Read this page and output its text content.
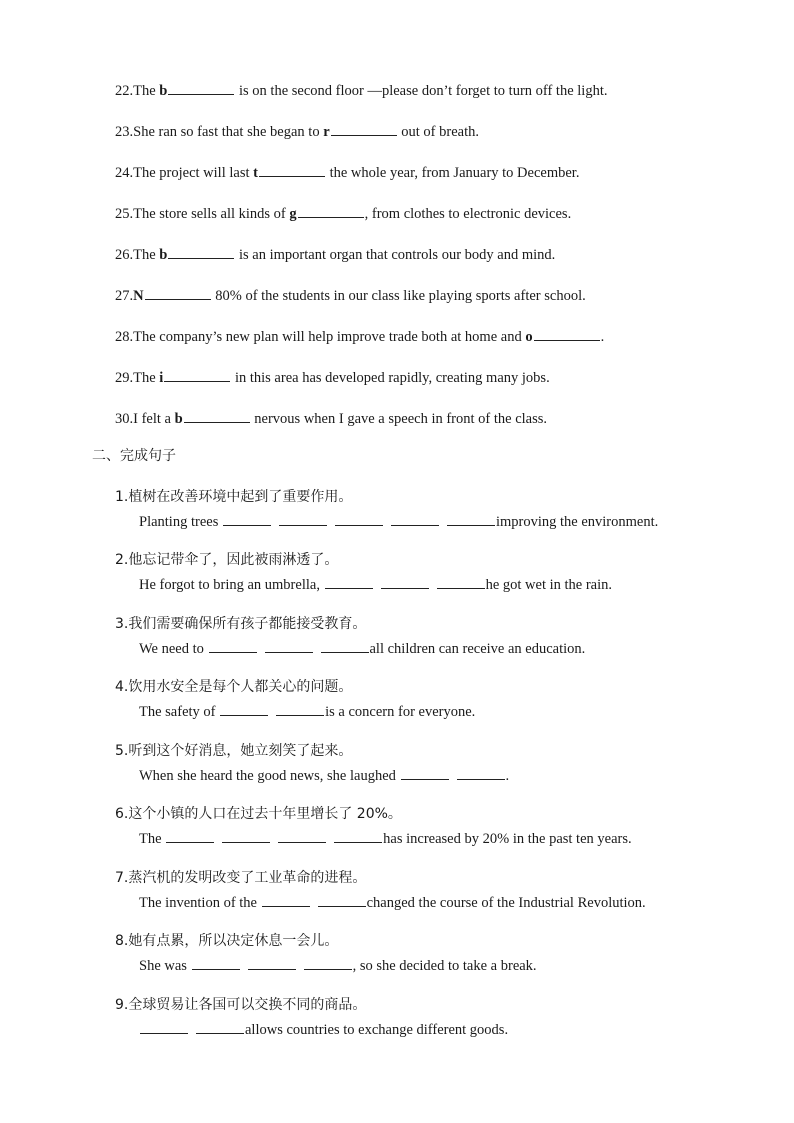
22.The b	is on the second floor —please don’t forget to turn off the light.
23.She ran so fast that she began to r	out of breath.
24.The project will last t	the whole year, from January to December.
25.The store sells all kinds of g	, from clothes to electronic devices.
26.The b	is an important organ that controls our body and mind.
27.N	80% of the students in our class like playing sports after school.
28.The company’s new plan will help improve trade both at home and o	.
29.The i	in this area has developed rapidly, creating many jobs.
30.I felt a b	nervous when I gave a speech in front of the class.
二、完成句子
1.植树在改善环境中起到了重要作用。
Planting trees	improving the environment.
2.他忘记带伞了，因此被雨淋透了。
He forgot to bring an umbrella,	he got wet in the rain.
3.我们需要确保所有孩子都能接受教育。
We need to	all children can receive an education.
4.饮用水安全是每个人都关心的问题。
The safety of	is a concern for everyone.
5.听到这个好消息，她立刻笑了起来。
When she heard the good news, she laughed	.
6.这个小镇的人口在过去十年里增长了 20%。
The	has increased by 20% in the past ten years.
7.蒸汽机的发明改变了工业革命的进程。
The invention of the	changed the course of the Industrial Revolution.
8.她有点累，所以决定休息一会儿。
She was	, so she decided to take a break.
9.全球贸易让各国可以交换不同的商品。
allows countries to exchange different goods.
